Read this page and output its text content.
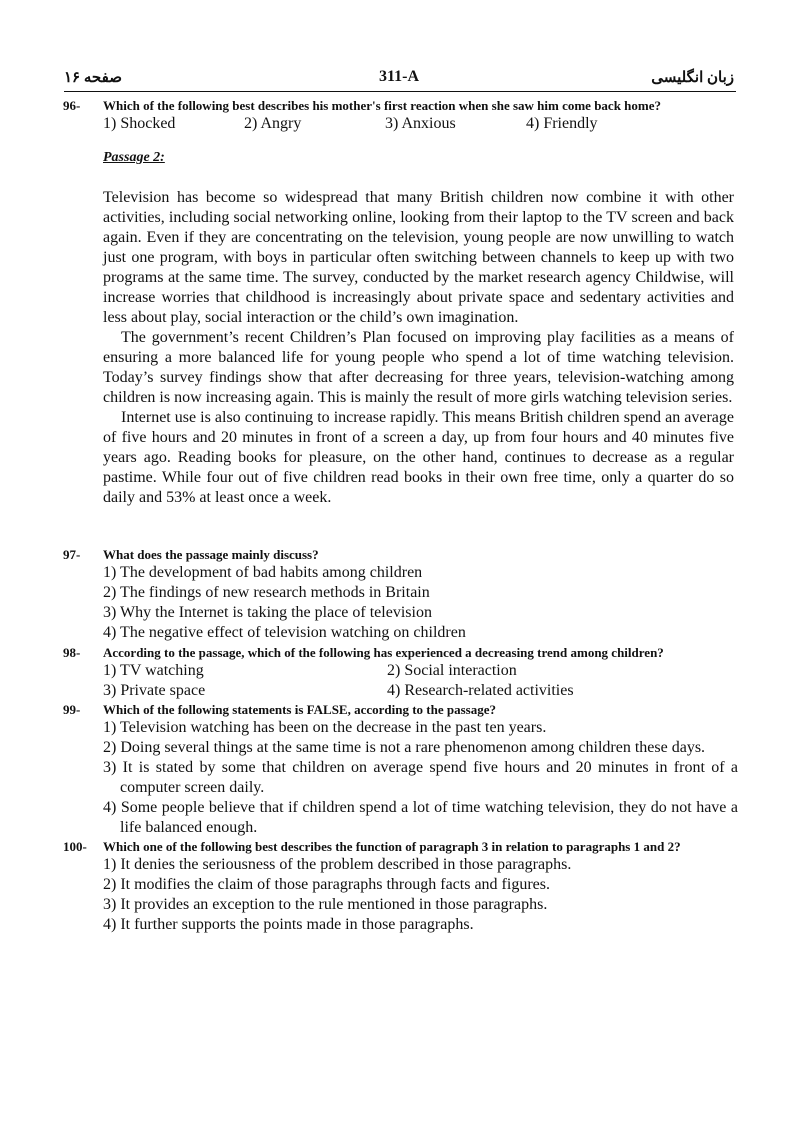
زبان انگلیسی
311-A
صفحه ۱۶
96- Which of the following best describes his mother's first reaction when she saw him come back home?
1) Shocked	2) Angry	3) Anxious	4) Friendly
Passage 2:

Television has become so widespread that many British children now combine it with other activities, including social networking online, looking from their laptop to the TV screen and back again. Even if they are concentrating on the television, young people are now unwilling to watch just one program, with boys in particular often switching between channels to keep up with two programs at the same time. The survey, conducted by the market research agency Childwise, will increase worries that childhood is increasingly about private space and sedentary activities and less about play, social interaction or the child’s own imagination.

The government’s recent Children’s Plan focused on improving play facilities as a means of ensuring a more balanced life for young people who spend a lot of time watching television. Today’s survey findings show that after decreasing for three years, television-watching among children is now increasing again. This is mainly the result of more girls watching television series.

Internet use is also continuing to increase rapidly. This means British children spend an average of five hours and 20 minutes in front of a screen a day, up from four hours and 40 minutes five years ago. Reading books for pleasure, on the other hand, continues to decrease as a regular pastime. While four out of five children read books in their own free time, only a quarter do so daily and 53% at least once a week.

97- What does the passage mainly discuss?
1) The development of bad habits among children
2) The findings of new research methods in Britain
3) Why the Internet is taking the place of television
4) The negative effect of television watching on children
98- According to the passage, which of the following has experienced a decreasing trend among children?
1) TV watching	2) Social interaction
3) Private space	4) Research-related activities
99- Which of the following statements is FALSE, according to the passage?
1) Television watching has been on the decrease in the past ten years.
2) Doing several things at the same time is not a rare phenomenon among children these days.
3) It is stated by some that children on average spend five hours and 20 minutes in front of a computer screen daily.
4) Some people believe that if children spend a lot of time watching television, they do not have a life balanced enough.
100- Which one of the following best describes the function of paragraph 3 in relation to paragraphs 1 and 2?
1) It denies the seriousness of the problem described in those paragraphs.
2) It modifies the claim of those paragraphs through facts and figures.
3) It provides an exception to the rule mentioned in those paragraphs.
4) It further supports the points made in those paragraphs.
